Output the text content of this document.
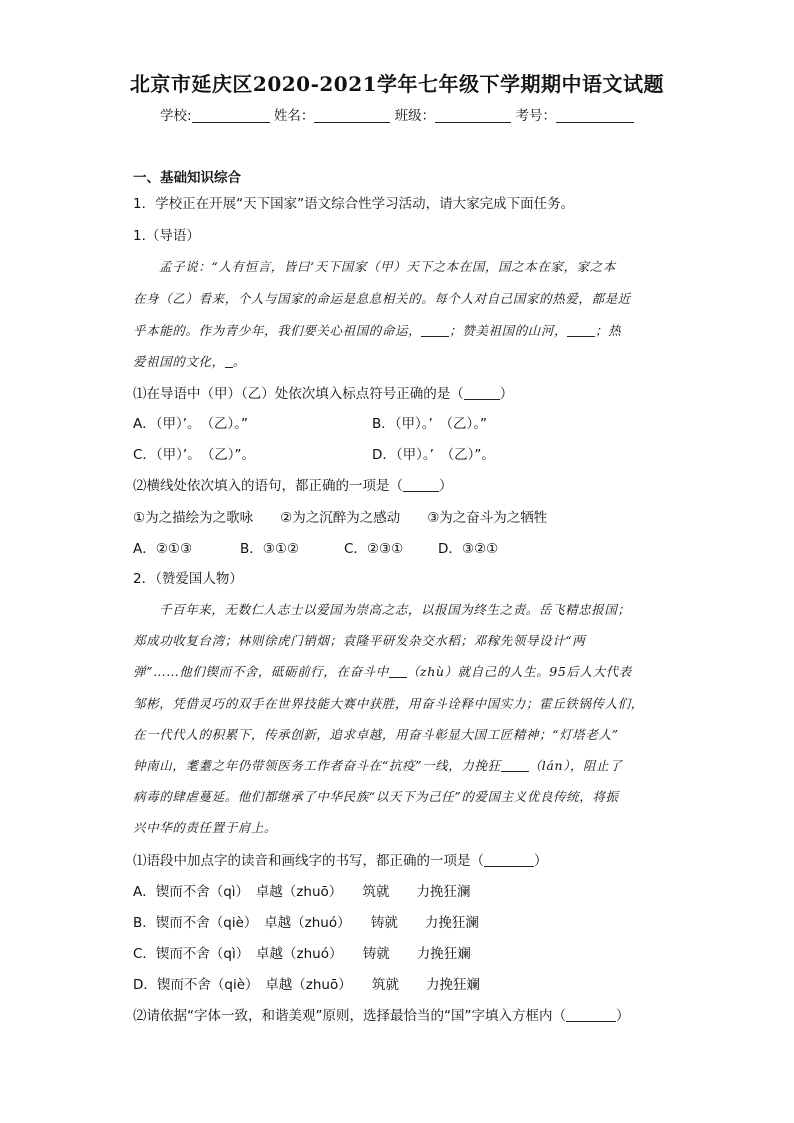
北京市延庆区2020-2021学年七年级下学期期中语文试题
学校:	姓名：	班级：	考号：
一、基础知识综合
1．学校正在开展“天下国家”语文综合性学习活动，请大家完成下面任务。
1.（导语）
孟子说：“人有恒言，皆曰‘天下国家（甲）天下之本在国，国之本在家，家之本
在身（乙）看来，个人与国家的命运是息息相关的。每个人对自己国家的热爱，都是近
乎本能的。作为青少年，我们要关心祖国的命运， ；赞美祖国的山河， ；热
爱祖国的文化， 。
⑴在导语中（甲）（乙）处依次填入标点符号正确的是（	）
A．（甲）’。　（乙）。”	B．（甲）。’　（乙）。”
C．（甲）’。　（乙）”。	D．（甲）。’　（乙）”。
⑵横线处依次填入的语句，都正确的一项是（	）
①为之描绘为之歌咏　　②为之沉醉为之感动　　③为之奋斗为之牺牲
A．②①③	B．③①②	C．②③①	D．③②①
2．（赞爱国人物）
千百年来，无数仁人志士以爱国为崇高之志，以报国为终生之责。岳飞精忠报国；
郑成功收复台湾；林则徐虎门销烟；袁隆平研发杂交水稻；邓稼先领导设计“两
弹”……他们锲而不舍，砥砺前行，在奋斗中 （zhù）就自己的人生。95后人大代表
邹彬，凭借灵巧的双手在世界技能大赛中获胜，用奋斗诠释中国实力；霍丘铁锅传人们，
在一代代人的积累下，传承创新，追求卓越，用奋斗彰显大国工匠精神；“灯塔老人”
钟南山，耄耋之年仍带领医务工作者奋斗在“抗疫”一线，力挽狂 （lán），阻止了
病毒的肆虐蔓延。他们都继承了中华民族“以天下为己任”的爱国主义优良传统，将振
兴中华的责任置于肩上。
⑴语段中加点字的读音和画线字的书写，都正确的一项是（	）
A．锲而不舍（qì）　卓越（zhuō）　　筑就　　力挽狂澜
B．锲而不舍（qiè）　卓越（zhuó）　　铸就　　力挽狂澜
C．锲而不舍（qì）　卓越（zhuó）　　铸就　　力挽狂斓
D．锲而不舍（qiè）　卓越（zhuō）　　筑就　　力挽狂斓
⑵请依据“字体一致，和谐美观”原则，选择最恰当的“国”字填入方框内（	）
